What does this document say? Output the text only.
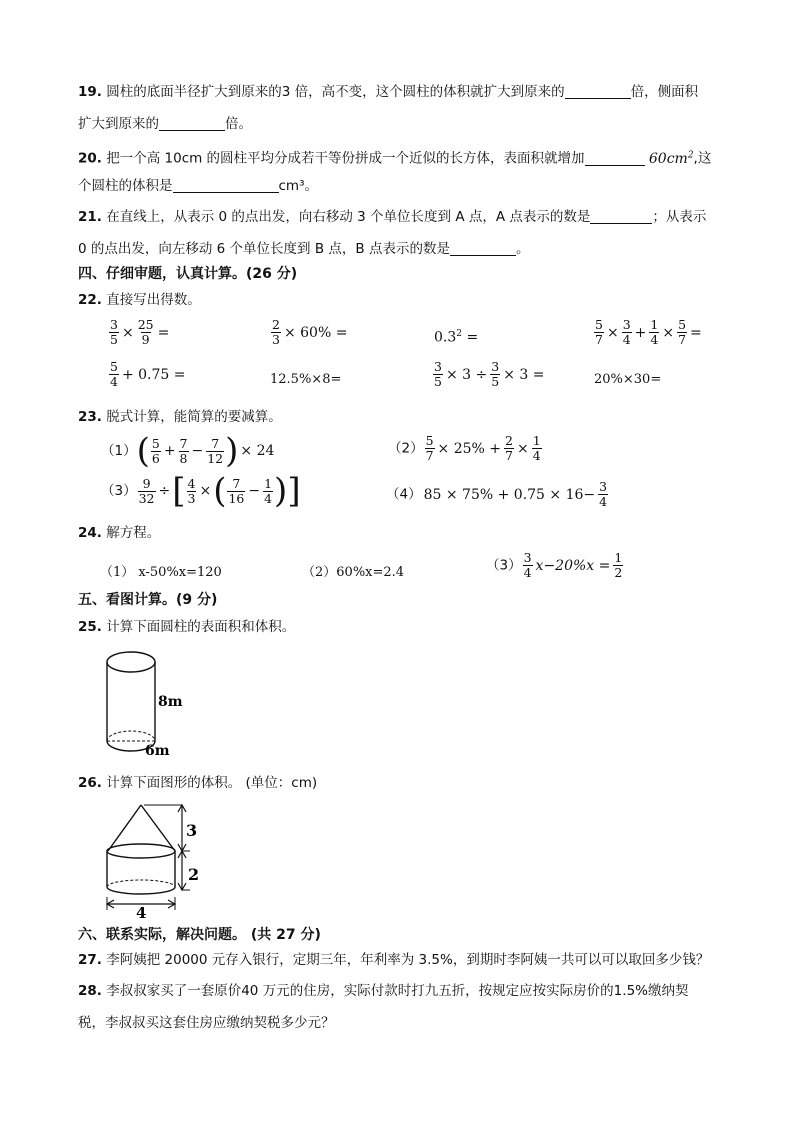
19. 圆柱的底面半径扩大到原来的3 倍，高不变，这个圆柱的体积就扩大到原来的	倍，侧面积
扩大到原来的	倍。
20. 把一个高 10cm 的圆柱平均分成若干等份拼成一个近似的长方体，表面积就增加	$60cm^2$,这
个圆柱的体积是	cm³。
21. 在直线上，从表示 0 的点出发，向右移动 3 个单位长度到 A 点，A 点表示的数是	；从表示
0 的点出发，向左移动 6 个单位长度到 B 点，B 点表示的数是	。
四、仔细审题，认真计算。(26 分)
22. 直接写出得数。
$\frac{3}{5} \times \frac{25}{9}$ =	$\frac{2}{3} \times 60\%$ =	$0.3^2$ =	$\frac{5}{7} \times \frac{3}{4} + \frac{1}{4} \times \frac{5}{7}$ =
$\frac{5}{4} + 0.75$ =	12.5%×8=	$\frac{3}{5} \times 3 \div \frac{3}{5} \times 3$ =	20%×30=
23. 脱式计算，能简算的要减算。
$(1)( \frac{5}{6} + \frac{7}{8} - \frac{7}{12}$ ) × 24	$(2) \frac{5}{7} \times 25\% + \frac{2}{7} \times \frac{1}{4}$
$(3) \frac{9}{32}$ ÷[ $\frac{4}{3}$ ×( $\frac{7}{16} - \frac{1}{4}$ )]	（4） $85 \times 75\% + 0.75 \times 16- \frac{3}{4}$
24. 解方程。
（1） x-50%x=120	（2）60%x=2.4	$(3) \frac{3}{4} x-20\%x = \frac{1}{2}$
五、看图计算。(9 分)
25. 计算下面圆柱的表面积和体积。
8m
6m
26. 计算下面图形的体积。 (单位：cm)
3
2
4
六、联系实际，解决问题。 (共 27 分)
27. 李阿姨把 20000 元存入银行，定期三年，年利率为 3.5%，到期时李阿姨一共可以可以取回多少钱？
28. 李叔叔家买了一套原价40 万元的住房，实际付款时打九五折，按规定应按实际房价的1.5%缴纳契
税，李叔叔买这套住房应缴纳契税多少元？
